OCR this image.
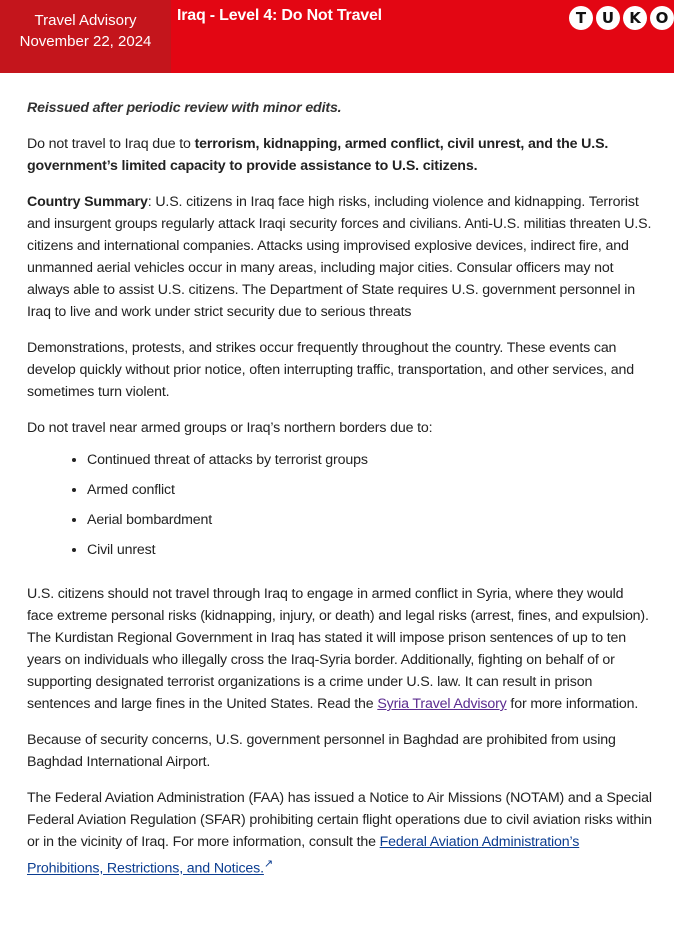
Travel Advisory
November 22, 2024
Iraq - Level 4: Do Not Travel	T	U	K O

Reissued after periodic review with minor edits.

Do not travel to Iraq due to terrorism, kidnapping, armed conflict, civil unrest, and the U.S. government’s limited capacity to provide assistance to U.S. citizens.

Country Summary: U.S. citizens in Iraq face high risks, including violence and kidnapping. Terrorist and insurgent groups regularly attack Iraqi security forces and civilians. Anti-U.S. militias threaten U.S. citizens and international companies. Attacks using improvised explosive devices, indirect fire, and unmanned aerial vehicles occur in many areas, including major cities. Consular officers may not always able to assist U.S. citizens. The Department of State requires U.S. government personnel in Iraq to live and work under strict security due to serious threats

Demonstrations, protests, and strikes occur frequently throughout the country. These events can develop quickly without prior notice, often interrupting traffic, transportation, and other services, and sometimes turn violent.

Do not travel near armed groups or Iraq’s northern borders due to:

• Continued threat of attacks by terrorist groups
• Armed conflict
• Aerial bombardment
• Civil unrest

U.S. citizens should not travel through Iraq to engage in armed conflict in Syria, where they would face extreme personal risks (kidnapping, injury, or death) and legal risks (arrest, fines, and expulsion). The Kurdistan Regional Government in Iraq has stated it will impose prison sentences of up to ten years on individuals who illegally cross the Iraq-Syria border. Additionally, fighting on behalf of or supporting designated terrorist organizations is a crime under U.S. law. It can result in prison sentences and large fines in the United States. Read the Syria Travel Advisory for more information.

Because of security concerns, U.S. government personnel in Baghdad are prohibited from using Baghdad International Airport.

The Federal Aviation Administration (FAA) has issued a Notice to Air Missions (NOTAM) and a Special Federal Aviation Regulation (SFAR) prohibiting certain flight operations due to civil aviation risks within or in the vicinity of Iraq. For more information, consult the Federal Aviation Administration’s Prohibitions, Restrictions, and Notices.↗
